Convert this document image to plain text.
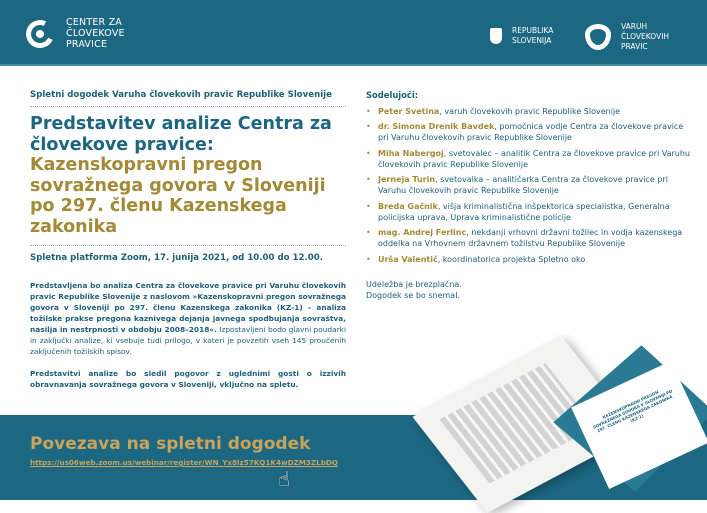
CENTER ZA
ČLOVEKOVE
PRAVICE
REPUBLIKA
SLOVENIJA
VARUH
ČLOVEKOVIH
PRAVIC
Spletni dogodek Varuha človekovih pravic Republike Slovenije
Predstavitev analize Centra za človekove pravice:
Kazenskopravni pregon sovražnega govora v Sloveniji po 297. členu Kazenskega zakonika
Spletna platforma Zoom, 17. junija 2021, od 10.00 do 12.00.

Predstavljena bo analiza Centra za človekove pravice pri Varuhu človekovih pravic Republike Slovenije z naslovom »Kazenskopravni pregon sovražnega govora v Sloveniji po 297. členu Kazenskega zakonika (KZ-1) – analiza tožilske prakse pregona kaznivega dejanja javnega spodbujanja sovraštva, nasilja in nestrpnosti v obdobju 2008–2018«. Izpostavljeni bodo glavni poudarki in zaključki analize, ki vsebuje tudi prilogo, v kateri je povzetih vseh 145 proučenih zaključenih tožilskih spisov.

Predstavitvi analize bo sledil pogovor z uglednimi gosti o izzivih obravnavanja sovražnega govora v Sloveniji, vključno na spletu.

Sodelujoči:
• Peter Svetina, varuh človekovih pravic Republike Slovenije
• dr. Simona Drenik Bavdek, pomočnica vodje Centra za človekove pravice pri Varuhu človekovih pravic Republike Slovenije
• Miha Nabergoj, svetovalec – analitik Centra za človekove pravice pri Varuhu človekovih pravic Republike Slovenije
• Jerneja Turin, svetovalka – analitičarka Centra za človekove pravice pri Varuhu človekovih pravic Republike Slovenije
• Breda Gačnik, višja kriminalistična inšpektorica specialistka, Generalna policijska uprava, Uprava kriminalistične policije
• mag. Andrej Ferlinc, nekdanji vrhovni državni tožilec in vodja kazenskega oddelka na Vrhovnem državnem tožilstvu Republike Slovenije
• Urša Valentič, koordinatorica projekta Spletno oko
Udeležba je brezplačna.
Dogodek se bo snemal.
KAZENSKOPRAVNI PREGON SOVRAŽNEGA GOVORA V SLOVENIJI PO 297. ČLENU KAZENSKEGA ZAKONIKA (KZ-1)
Povezava na spletni dogodek
https://us06web.zoom.us/webinar/register/WN_Yx8lz57KQ1K4wDZM3ZLbDQ
☝
